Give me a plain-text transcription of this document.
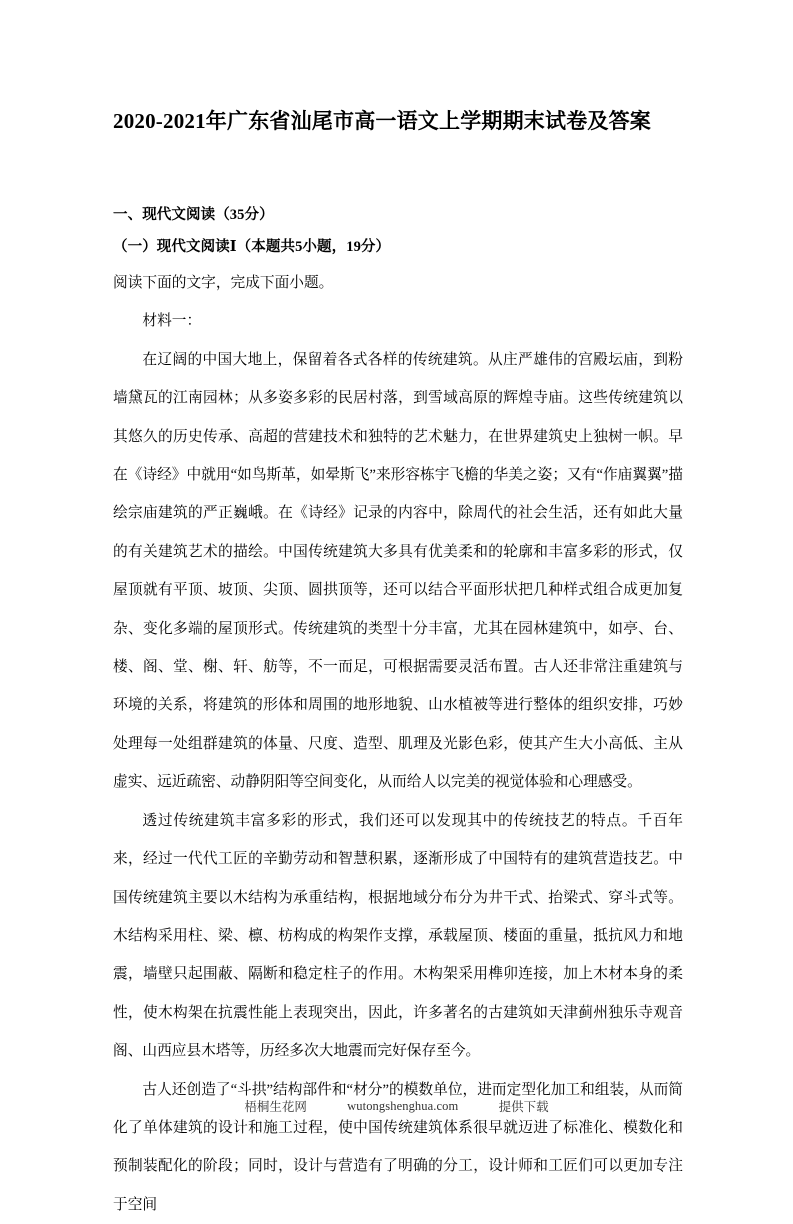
2020-2021年广东省汕尾市高一语文上学期期末试卷及答案
一、现代文阅读（35分）
（一）现代文阅读Ⅰ（本题共5小题，19分）

阅读下面的文字，完成下面小题。

材料一：

在辽阔的中国大地上，保留着各式各样的传统建筑。从庄严雄伟的宫殿坛庙，到粉墙黛瓦的江南园林；从多姿多彩的民居村落，到雪域高原的辉煌寺庙。这些传统建筑以其悠久的历史传承、高超的营建技术和独特的艺术魅力，在世界建筑史上独树一帜。早在《诗经》中就用“如鸟斯革，如晕斯飞”来形容栋宇飞檐的华美之姿；又有“作庙翼翼”描绘宗庙建筑的严正巍峨。在《诗经》记录的内容中，除周代的社会生活，还有如此大量的有关建筑艺术的描绘。中国传统建筑大多具有优美柔和的轮廓和丰富多彩的形式，仅屋顶就有平顶、坡顶、尖顶、圆拱顶等，还可以结合平面形状把几种样式组合成更加复杂、变化多端的屋顶形式。传统建筑的类型十分丰富，尤其在园林建筑中，如亭、台、楼、阁、堂、榭、轩、舫等，不一而足，可根据需要灵活布置。古人还非常注重建筑与环境的关系，将建筑的形体和周围的地形地貌、山水植被等进行整体的组织安排，巧妙处理每一处组群建筑的体量、尺度、造型、肌理及光影色彩，使其产生大小高低、主从虚实、远近疏密、动静阴阳等空间变化，从而给人以完美的视觉体验和心理感受。

透过传统建筑丰富多彩的形式，我们还可以发现其中的传统技艺的特点。千百年来，经过一代代工匠的辛勤劳动和智慧积累，逐渐形成了中国特有的建筑营造技艺。中国传统建筑主要以木结构为承重结构，根据地域分布分为井干式、抬梁式、穿斗式等。木结构采用柱、梁、檩、枋构成的构架作支撑，承载屋顶、楼面的重量，抵抗风力和地震，墙壁只起围蔽、隔断和稳定柱子的作用。木构架采用榫卯连接，加上木材本身的柔性，使木构架在抗震性能上表现突出，因此，许多著名的古建筑如天津蓟州独乐寺观音阁、山西应县木塔等，历经多次大地震而完好保存至今。

古人还创造了“斗拱”结构部件和“材分”的模数单位，进而定型化加工和组装，从而简化了单体建筑的设计和施工过程，使中国传统建筑体系很早就迈进了标准化、模数化和预制装配化的阶段；同时，设计与营造有了明确的分工，设计师和工匠们可以更加专注于空间

梧桐生花网	wutongshenghua.com	提供下载
